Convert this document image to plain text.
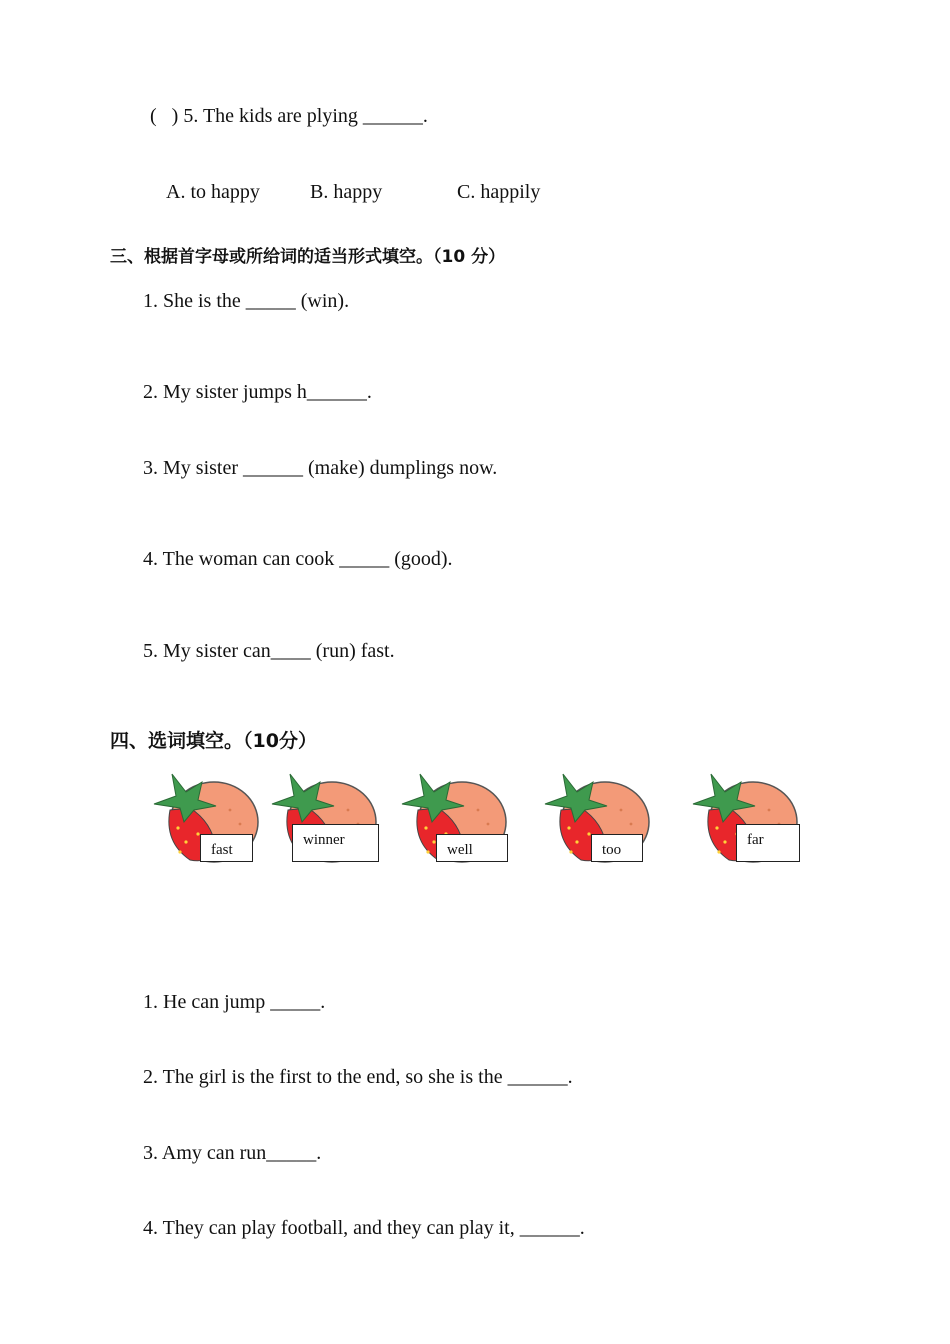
(   ) 5. The kids are plying ______.
A. to happy	B. happy	C. happily
三、根据首字母或所给词的适当形式填空。（10 分）
1. She is the _____ (win).
2. My sister jumps h______.
3. My sister ______ (make) dumplings now.
4. The woman can cook _____ (good).
5. My sister can____ (run) fast.
四、选词填空。（10分）
fast
winner
well	too
far
1. He can jump _____.
2. The girl is the first to the end, so she is the ______.
3. Amy can run_____.
4. They can play football, and they can play it, ______.
